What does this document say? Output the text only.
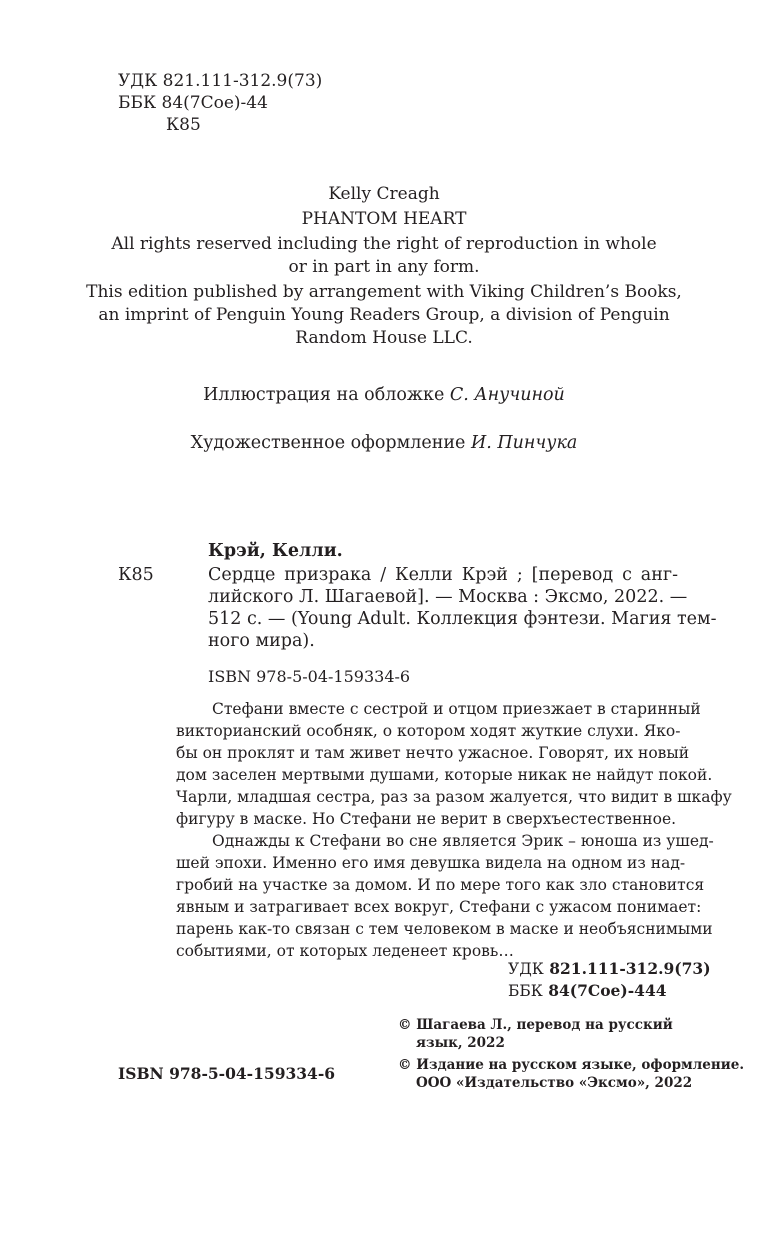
УДК 821.111-312.9(73)
ББК 84(7Сое)-44
К85
Kelly Creagh
PHANTOM HEART
All rights reserved including the right of reproduction in whole
or in part in any form.
This edition published by arrangement with Viking Children’s Books,
an imprint of Penguin Young Readers Group, a division of Penguin
Random House LLC.
Иллюстрация на обложке С. Анучиной
Художественное оформление И. Пинчука
Крэй, Келли.
К85	Сердце призрака / Келли Крэй ; [перевод с анг-
лийского Л. Шагаевой]. — Москва : Эксмо, 2022. —
512 с. — (Young Adult. Коллекция фэнтези. Магия тем-
ного мира).
ISBN 978-5-04-159334-6
Стефани вместе с сестрой и отцом приезжает в старинный
викторианский особняк, о котором ходят жуткие слухи. Яко-
бы он проклят и там живет нечто ужасное. Говорят, их новый
дом заселен мертвыми душами, которые никак не найдут покой.
Чарли, младшая сестра, раз за разом жалуется, что видит в шкафу
фигуру в маске. Но Стефани не верит в сверхъестественное.
Однажды к Стефани во сне является Эрик – юноша из ушед-
шей эпохи. Именно его имя девушка видела на одном из над-
гробий на участке за домом. И по мере того как зло становится
явным и затрагивает всех вокруг, Стефани с ужасом понимает:
парень как-то связан с тем человеком в маске и необъяснимыми
событиями, от которых леденеет кровь…
УДК 821.111-312.9(73)
ББК 84(7Сое)-444
© Шагаева Л., перевод на русский
язык, 2022
© Издание на русском языке, оформление.
ООО «Издательство «Эксмо», 2022
ISBN 978-5-04-159334-6
